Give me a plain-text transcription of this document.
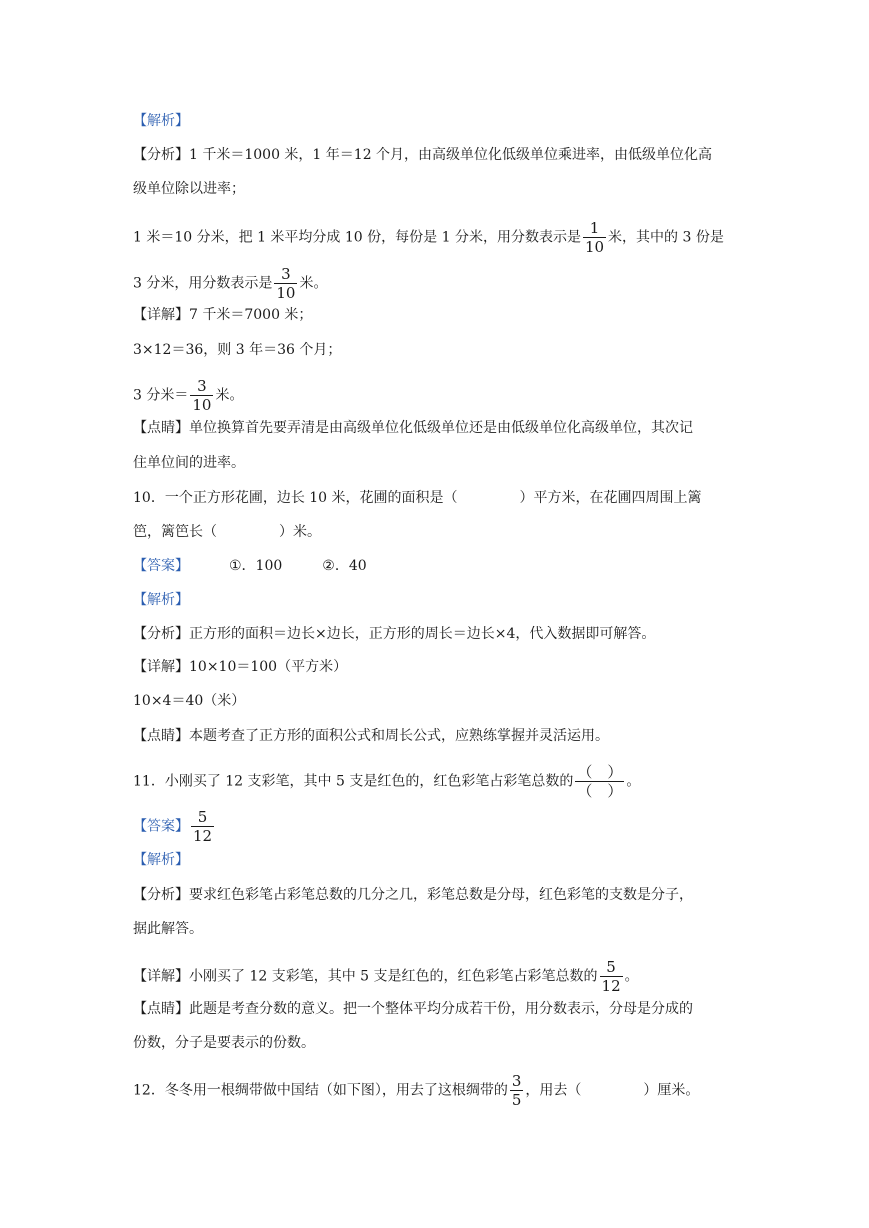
【解析】
【分析】1 千米＝1000 米，1 年＝12 个月，由高级单位化低级单位乘进率，由低级单位化高
级单位除以进率；
1 米＝10 分米，把 1 米平均分成 10 份，每份是 1 分米，用分数表示是 $\frac{1}{10}$ 米，其中的 3 份是
3 分米，用分数表示是 $\frac{3}{10}$ 米。
【详解】7 千米＝7000 米；
3×12＝36，则 3 年＝36 个月；
3 分米＝ $\frac{3}{10}$ 米。
【点睛】单位换算首先要弄清是由高级单位化低级单位还是由低级单位化高级单位，其次记
住单位间的进率。
10．一个正方形花圃，边长 10 米，花圃的面积是（	）平方米，在花圃四周围上篱
笆，篱笆长（	）米。
【答案】	①．100	②．40
【解析】
【分析】正方形的面积＝边长×边长，正方形的周长＝边长×4，代入数据即可解答。
【详解】10×10＝100（平方米）
10×4＝40（米）
【点睛】本题考查了正方形的面积公式和周长公式，应熟练掌握并灵活运用。
11．小刚买了 12 支彩笔，其中 5 支是红色的，红色彩笔占彩笔总数的 $\frac{( )}{( )}$ 。
【答案】 $\frac{5}{12}$
【解析】
【分析】要求红色彩笔占彩笔总数的几分之几，彩笔总数是分母，红色彩笔的支数是分子，
据此解答。
【详解】小刚买了 12 支彩笔，其中 5 支是红色的，红色彩笔占彩笔总数的 $\frac{5}{12}$ 。
【点睛】此题是考查分数的意义。把一个整体平均分成若干份，用分数表示，分母是分成的
份数，分子是要表示的份数。
12．冬冬用一根绸带做中国结（如下图），用去了这根绸带的 $\frac{3}{5}$ ，用去（	）厘米。
